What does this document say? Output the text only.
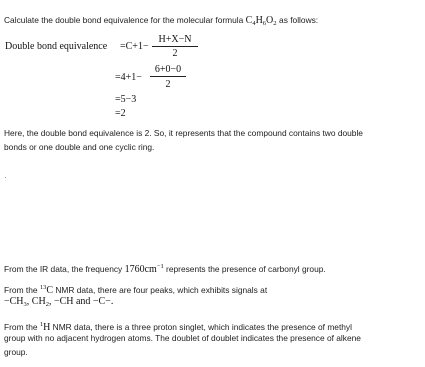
Calculate the double bond equivalence for the molecular formula $C_4H_6O_2$ as follows:
Double bond equivalence =C+1−
H+X−N
2
=4+1−
6+0−0
2
=5−3
=2
Here, the double bond equivalence is 2. So, it represents that the compound contains two double
bonds or one double and one cyclic ring.
From the IR data, the frequency $1760cm^{-1}$ represents the presence of carbonyl group.
From the $^{13}$C NMR data, there are four peaks, which exhibits signals at
$-CH_3$, $CH_2$, −CH and −C−.
From the $^1$H NMR data, there is a three proton singlet, which indicates the presence of methyl
group with no adjacent hydrogen atoms. The doublet of doublet indicates the presence of alkene
group.
